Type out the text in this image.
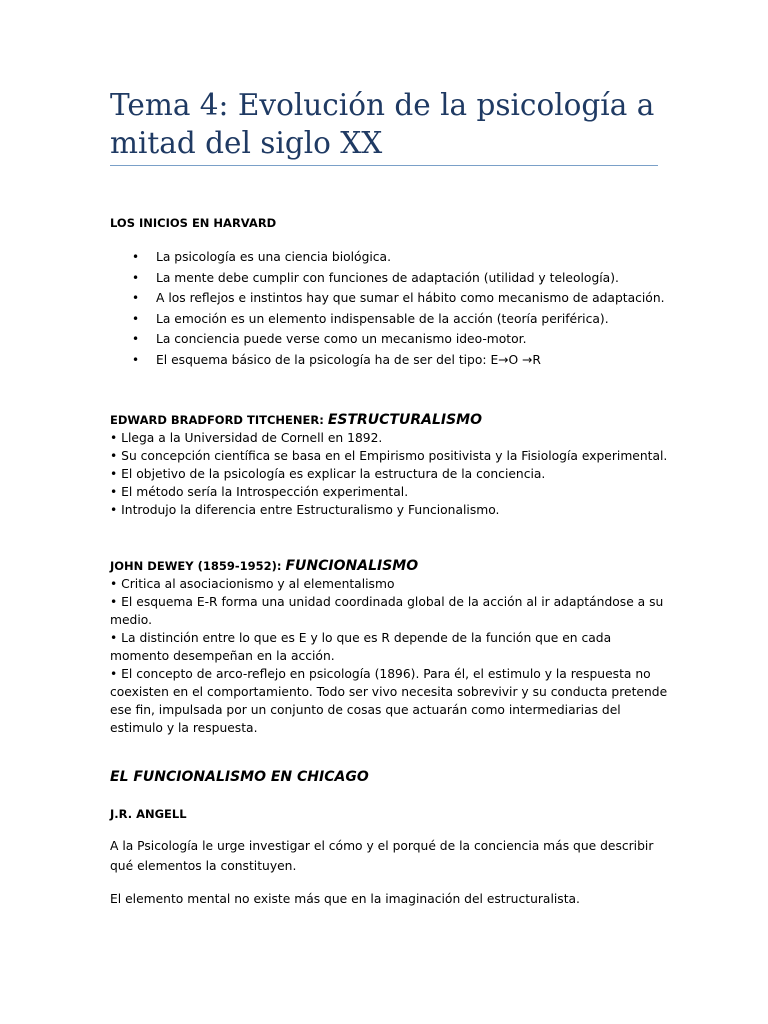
Tema 4: Evolución de la psicología a mitad del siglo XX
LOS INICIOS EN HARVARD
• La psicología es una ciencia biológica.
• La mente debe cumplir con funciones de adaptación (utilidad y teleología).
• A los reflejos e instintos hay que sumar el hábito como mecanismo de adaptación.
• La emoción es un elemento indispensable de la acción (teoría periférica).
• La conciencia puede verse como un mecanismo ideo-motor.
• El esquema básico de la psicología ha de ser del tipo: E→O →R
EDWARD BRADFORD TITCHENER: ESTRUCTURALISMO
• Llega a la Universidad de Cornell en 1892.
• Su concepción científica se basa en el Empirismo positivista y la Fisiología experimental.
• El objetivo de la psicología es explicar la estructura de la conciencia.
• El método sería la Introspección experimental.
• Introdujo la diferencia entre Estructuralismo y Funcionalismo.
JOHN DEWEY (1859-1952): FUNCIONALISMO
• Critica al asociacionismo y al elementalismo
• El esquema E-R forma una unidad coordinada global de la acción al ir adaptándose a su medio.
• La distinción entre lo que es E y lo que es R depende de la función que en cada momento desempeñan en la acción.
• El concepto de arco-reflejo en psicología (1896). Para él, el estimulo y la respuesta no coexisten en el comportamiento. Todo ser vivo necesita sobrevivir y su conducta pretende ese fin, impulsada por un conjunto de cosas que actuarán como intermediarias del estimulo y la respuesta.
EL FUNCIONALISMO EN CHICAGO
J.R. ANGELL

A la Psicología le urge investigar el cómo y el porqué de la conciencia más que describir qué elementos la constituyen.

El elemento mental no existe más que en la imaginación del estructuralista.
